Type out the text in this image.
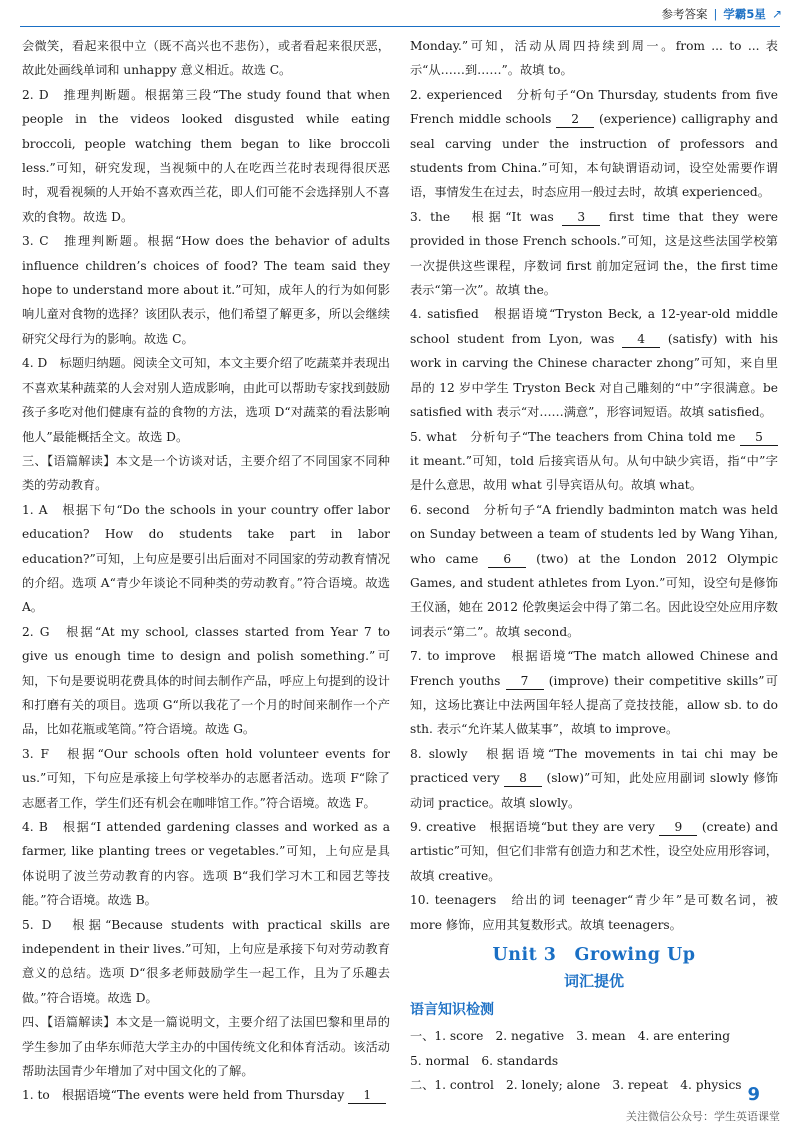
参考答案 | 学霸5星 ↗

会微笑，看起来很中立（既不高兴也不悲伤），或者看起来很厌恶，故此处画线单词和 unhappy 意义相近。故选 C。

2. D　推理判断题。根据第三段“The study found that when people in the videos looked disgusted while eating broccoli, people watching them began to like broccoli less.”可知，研究发现，当视频中的人在吃西兰花时表现得很厌恶时，观看视频的人开始不喜欢西兰花，即人们可能不会选择别人不喜欢的食物。故选 D。

3. C　推理判断题。根据“How does the behavior of adults influence children’s choices of food? The team said they hope to understand more about it.”可知，成年人的行为如何影响儿童对食物的选择？该团队表示，他们希望了解更多，所以会继续研究父母行为的影响。故选 C。

4. D　标题归纳题。阅读全文可知，本文主要介绍了吃蔬菜并表现出不喜欢某种蔬菜的人会对别人造成影响，由此可以帮助专家找到鼓励孩子多吃对他们健康有益的食物的方法，选项 D“对蔬菜的看法影响他人”最能概括全文。故选 D。

三、【语篇解读】本文是一个访谈对话，主要介绍了不同国家不同种类的劳动教育。

1. A　根据下句“Do the schools in your country offer labor education? How do students take part in labor education?”可知，上句应是要引出后面对不同国家的劳动教育情况的介绍。选项 A“青少年谈论不同种类的劳动教育。”符合语境。故选 A。

2. G　根据“At my school, classes started from Year 7 to give us enough time to design and polish something.”可知，下句是要说明花费具体的时间去制作产品，呼应上句提到的设计和打磨有关的项目。选项 G“所以我花了一个月的时间来制作一个产品，比如花瓶或笔筒。”符合语境。故选 G。

3. F　根据“Our schools often hold volunteer events for us.”可知，下句应是承接上句学校举办的志愿者活动。选项 F“除了志愿者工作，学生们还有机会在咖啡馆工作。”符合语境。故选 F。

4. B　根据“I attended gardening classes and worked as a farmer, like planting trees or vegetables.”可知，上句应是具体说明了波兰劳动教育的内容。选项 B“我们学习木工和园艺等技能。”符合语境。故选 B。

5. D　根据“Because students with practical skills are independent in their lives.”可知，上句应是承接下句对劳动教育意义的总结。选项 D“很多老师鼓励学生一起工作，且为了乐趣去做。”符合语境。故选 D。

四、【语篇解读】本文是一篇说明文，主要介绍了法国巴黎和里昂的学生参加了由华东师范大学主办的中国传统文化和体育活动。该活动帮助法国青少年增加了对中国文化的了解。

1. to　根据语境“The events were held from Thursday 1

Monday.”可知，活动从周四持续到周一。from ... to ... 表示“从……到……”。故填 to。

2. experienced　分析句子“On Thursday, students from five French middle schools 2 (experience) calligraphy and seal carving under the instruction of professors and students from China.”可知，本句缺谓语动词，设空处需要作谓语，事情发生在过去，时态应用一般过去时，故填 experienced。

3. the　根据“It was 3 first time that they were provided in those French schools.”可知，这是这些法国学校第一次提供这些课程，序数词 first 前加定冠词 the，the first time 表示“第一次”。故填 the。

4. satisfied　根据语境“Tryston Beck, a 12-year-old middle school student from Lyon, was 4 (satisfy) with his work in carving the Chinese character zhong”可知，来自里昂的 12 岁中学生 Tryston Beck 对自己雕刻的“中”字很满意。be satisfied with 表示“对……满意”，形容词短语。故填 satisfied。

5. what　分析句子“The teachers from China told me 5 it meant.”可知，told 后接宾语从句。从句中缺少宾语，指“中”字是什么意思，故用 what 引导宾语从句。故填 what。

6. second　分析句子“A friendly badminton match was held on Sunday between a team of students led by Wang Yihan, who came 6 (two) at the London 2012 Olympic Games, and student athletes from Lyon.”可知，设空句是修饰王仪涵，她在 2012 伦敦奥运会中得了第二名。因此设空处应用序数词表示“第二”。故填 second。

7. to improve　根据语境“The match allowed Chinese and French youths 7 (improve) their competitive skills”可知，这场比赛让中法两国年轻人提高了竞技技能，allow sb. to do sth. 表示“允许某人做某事”，故填 to improve。

8. slowly　根据语境“The movements in tai chi may be practiced very 8 (slow)”可知，此处应用副词 slowly 修饰动词 practice。故填 slowly。

9. creative　根据语境“but they are very 9 (create) and artistic”可知，但它们非常有创造力和艺术性，设空处应用形容词，故填 creative。

10. teenagers　给出的词 teenager“青少年”是可数名词，被 more 修饰，应用其复数形式。故填 teenagers。

Unit 3　Growing Up
词汇提优
语言知识检测

一、1. score　2. negative　3. mean　4. are entering

5. normal　6. standards

二、1. control　2. lonely; alone　3. repeat　4. physics 9
关注微信公众号：学生英语课堂
